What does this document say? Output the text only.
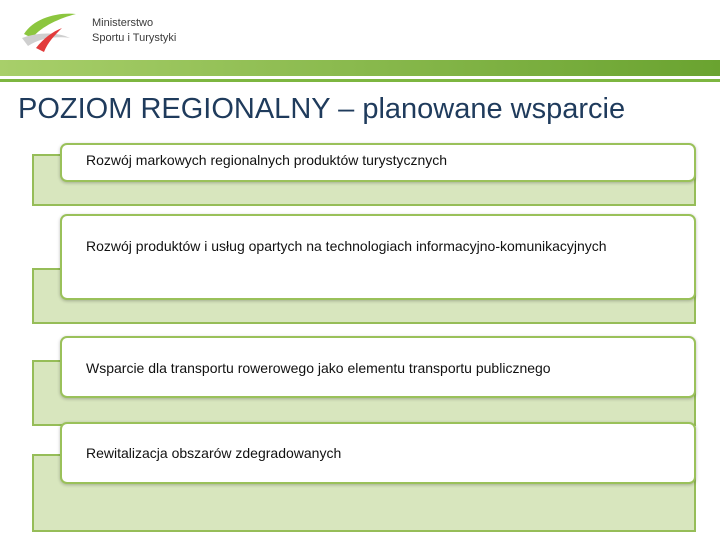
Ministerstwo
Sportu i Turystyki
POZIOM REGIONALNY – planowane wsparcie
Rozwój markowych regionalnych produktów turystycznych
Rozwój produktów i usług opartych na technologiach informacyjno-komunikacyjnych
Wsparcie dla transportu rowerowego jako elementu transportu publicznego
Rewitalizacja obszarów zdegradowanych
